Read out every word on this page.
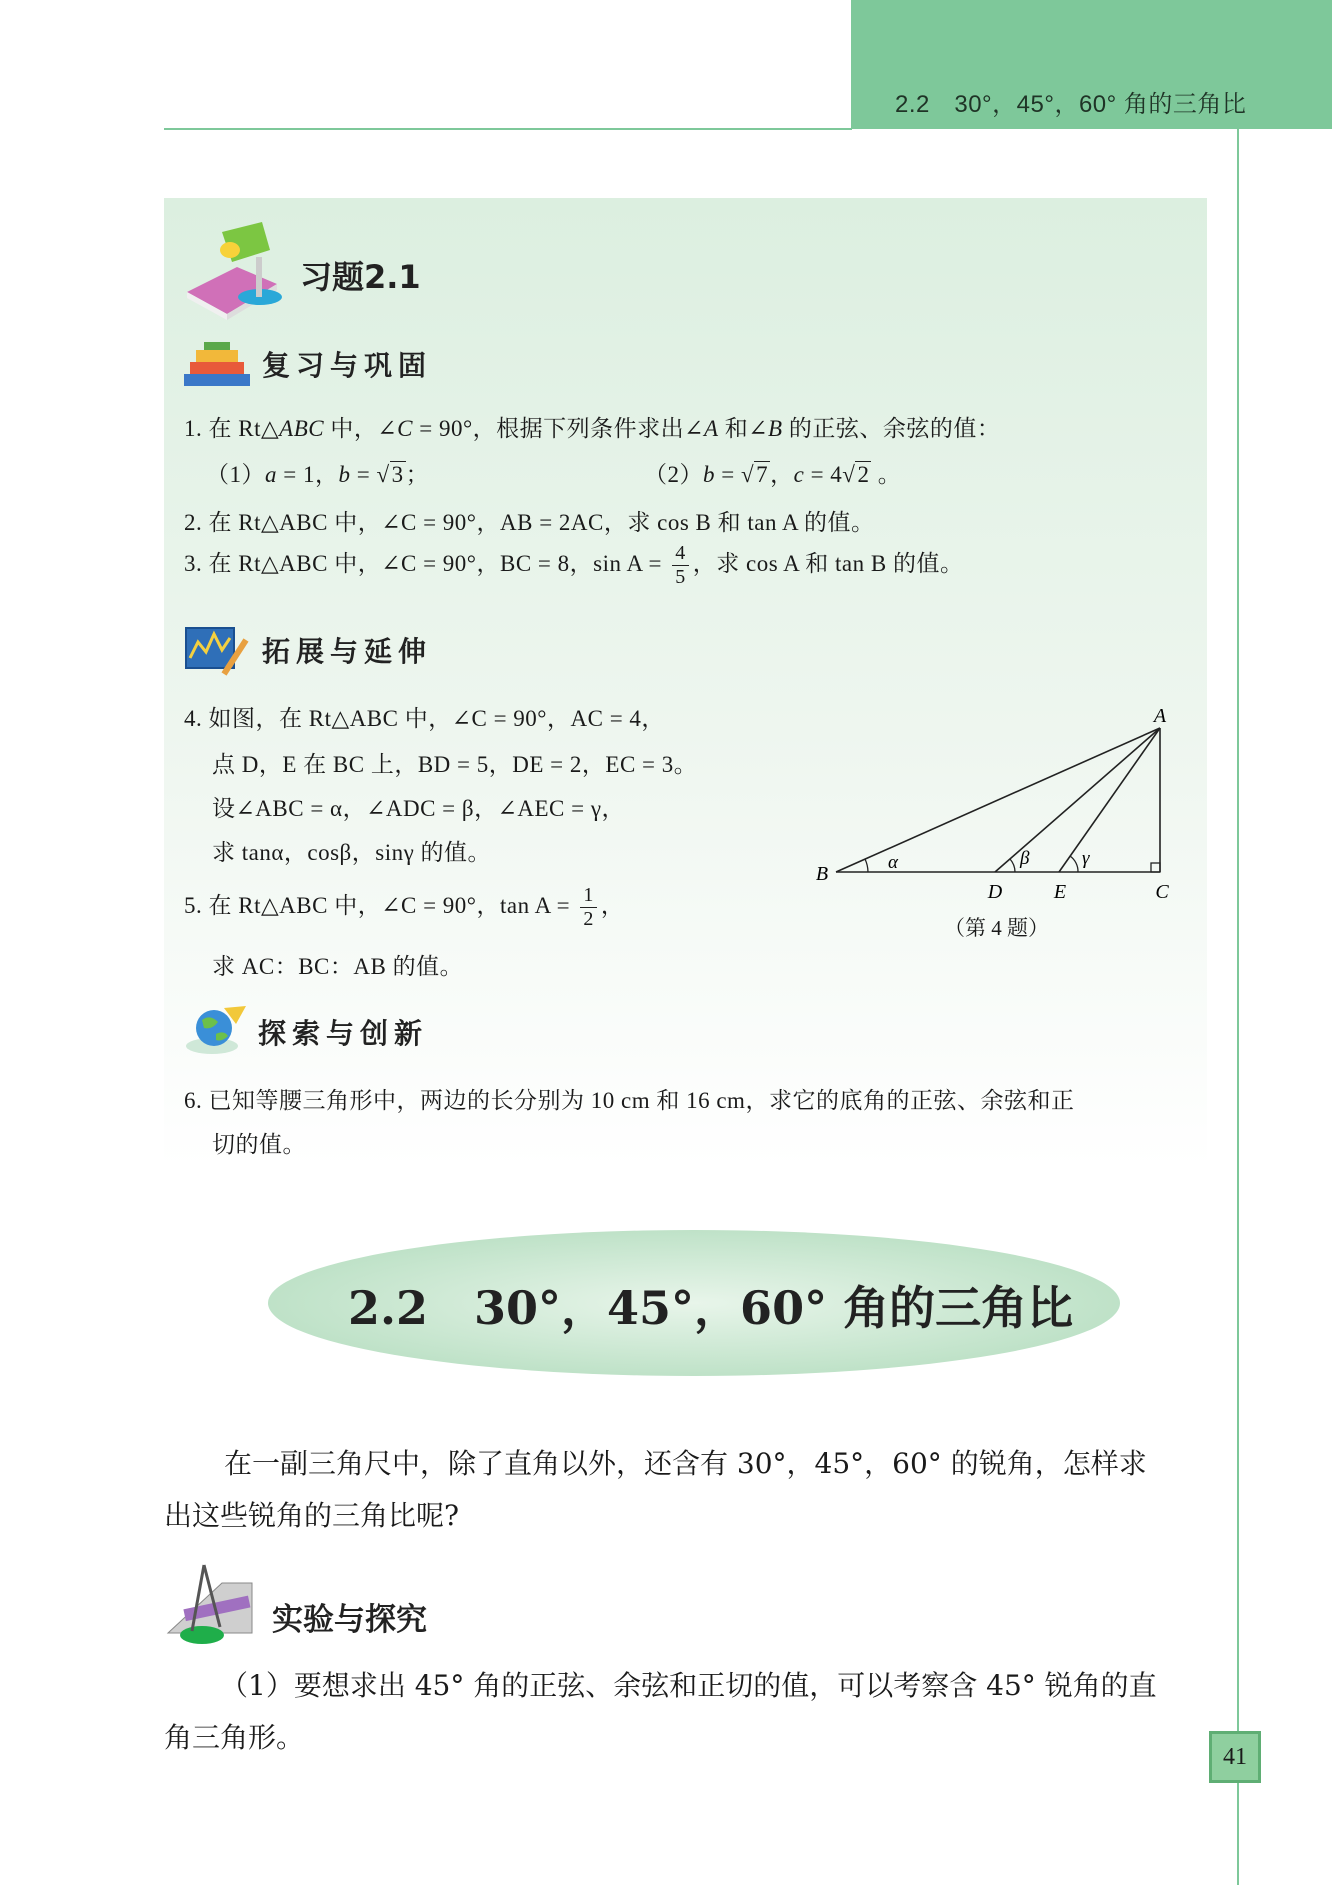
2.2　30°，45°，60° 角的三角比
习题2.1
复习与巩固
1. 在 Rt△ABC 中，∠C = 90°，根据下列条件求出∠A 和∠B 的正弦、余弦的值：
（1）a = 1，b = √3；	（2）b = √7，c = 4√2 。
2. 在 Rt△ABC 中，∠C = 90°，AB = 2AC，求 cos B 和 tan A 的值。
3. 在 Rt△ABC 中，∠C = 90°，BC = 8，$\sin A = \frac{4}{5}$ ，求 cos A 和 tan B 的值。
拓展与延伸
4. 如图，在 Rt△ABC 中，∠C = 90°，AC = 4，
点 D，E 在 BC 上，BD = 5，DE = 2，EC = 3。
设∠ABC = α，∠ADC = β，∠AEC = γ，
求 tanα，cosβ，sinγ 的值。
5. 在 Rt△ABC 中，∠C = 90°，$\tan A = \frac{1}{2}$ ，
求 AC：BC：AB 的值。
A
B
C
D	E
α	β	γ
（第 4 题）
探索与创新
6. 已知等腰三角形中，两边的长分别为 10 cm 和 16 cm，求它的底角的正弦、余弦和正
切的值。
2.2　30°，45°，60° 角的三角比
在一副三角尺中，除了直角以外，还含有 30°，45°，60° 的锐角，怎样求
出这些锐角的三角比呢?
实验与探究
（1）要想求出 45° 角的正弦、余弦和正切的值，可以考察含 45° 锐角的直
角三角形。
41
